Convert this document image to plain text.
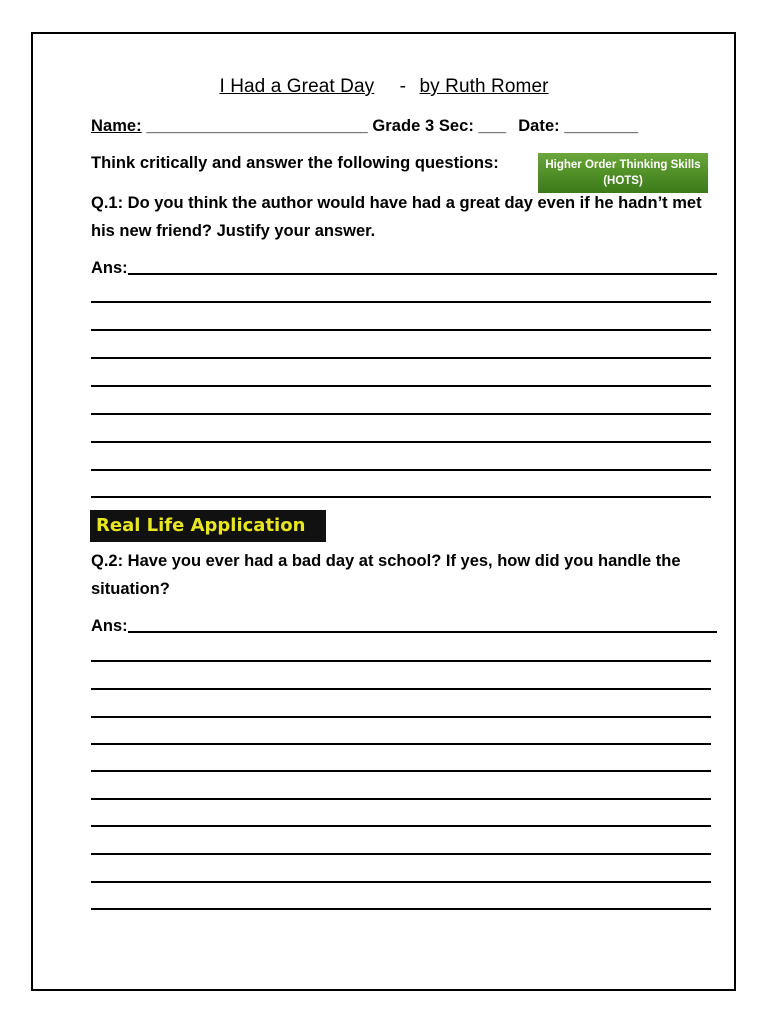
I Had a Great Day - by Ruth Romer
Name: ________________________ Grade 3 Sec: ___ Date: ________
Think critically and answer the following questions:	Higher Order Thinking Skills
(HOTS)
Q.1: Do you think the author would have had a great day even if he hadn’t met his new friend? Justify your answer.
Ans:
Real Life Application
Q.2: Have you ever had a bad day at school? If yes, how did you handle the situation?
Ans:
